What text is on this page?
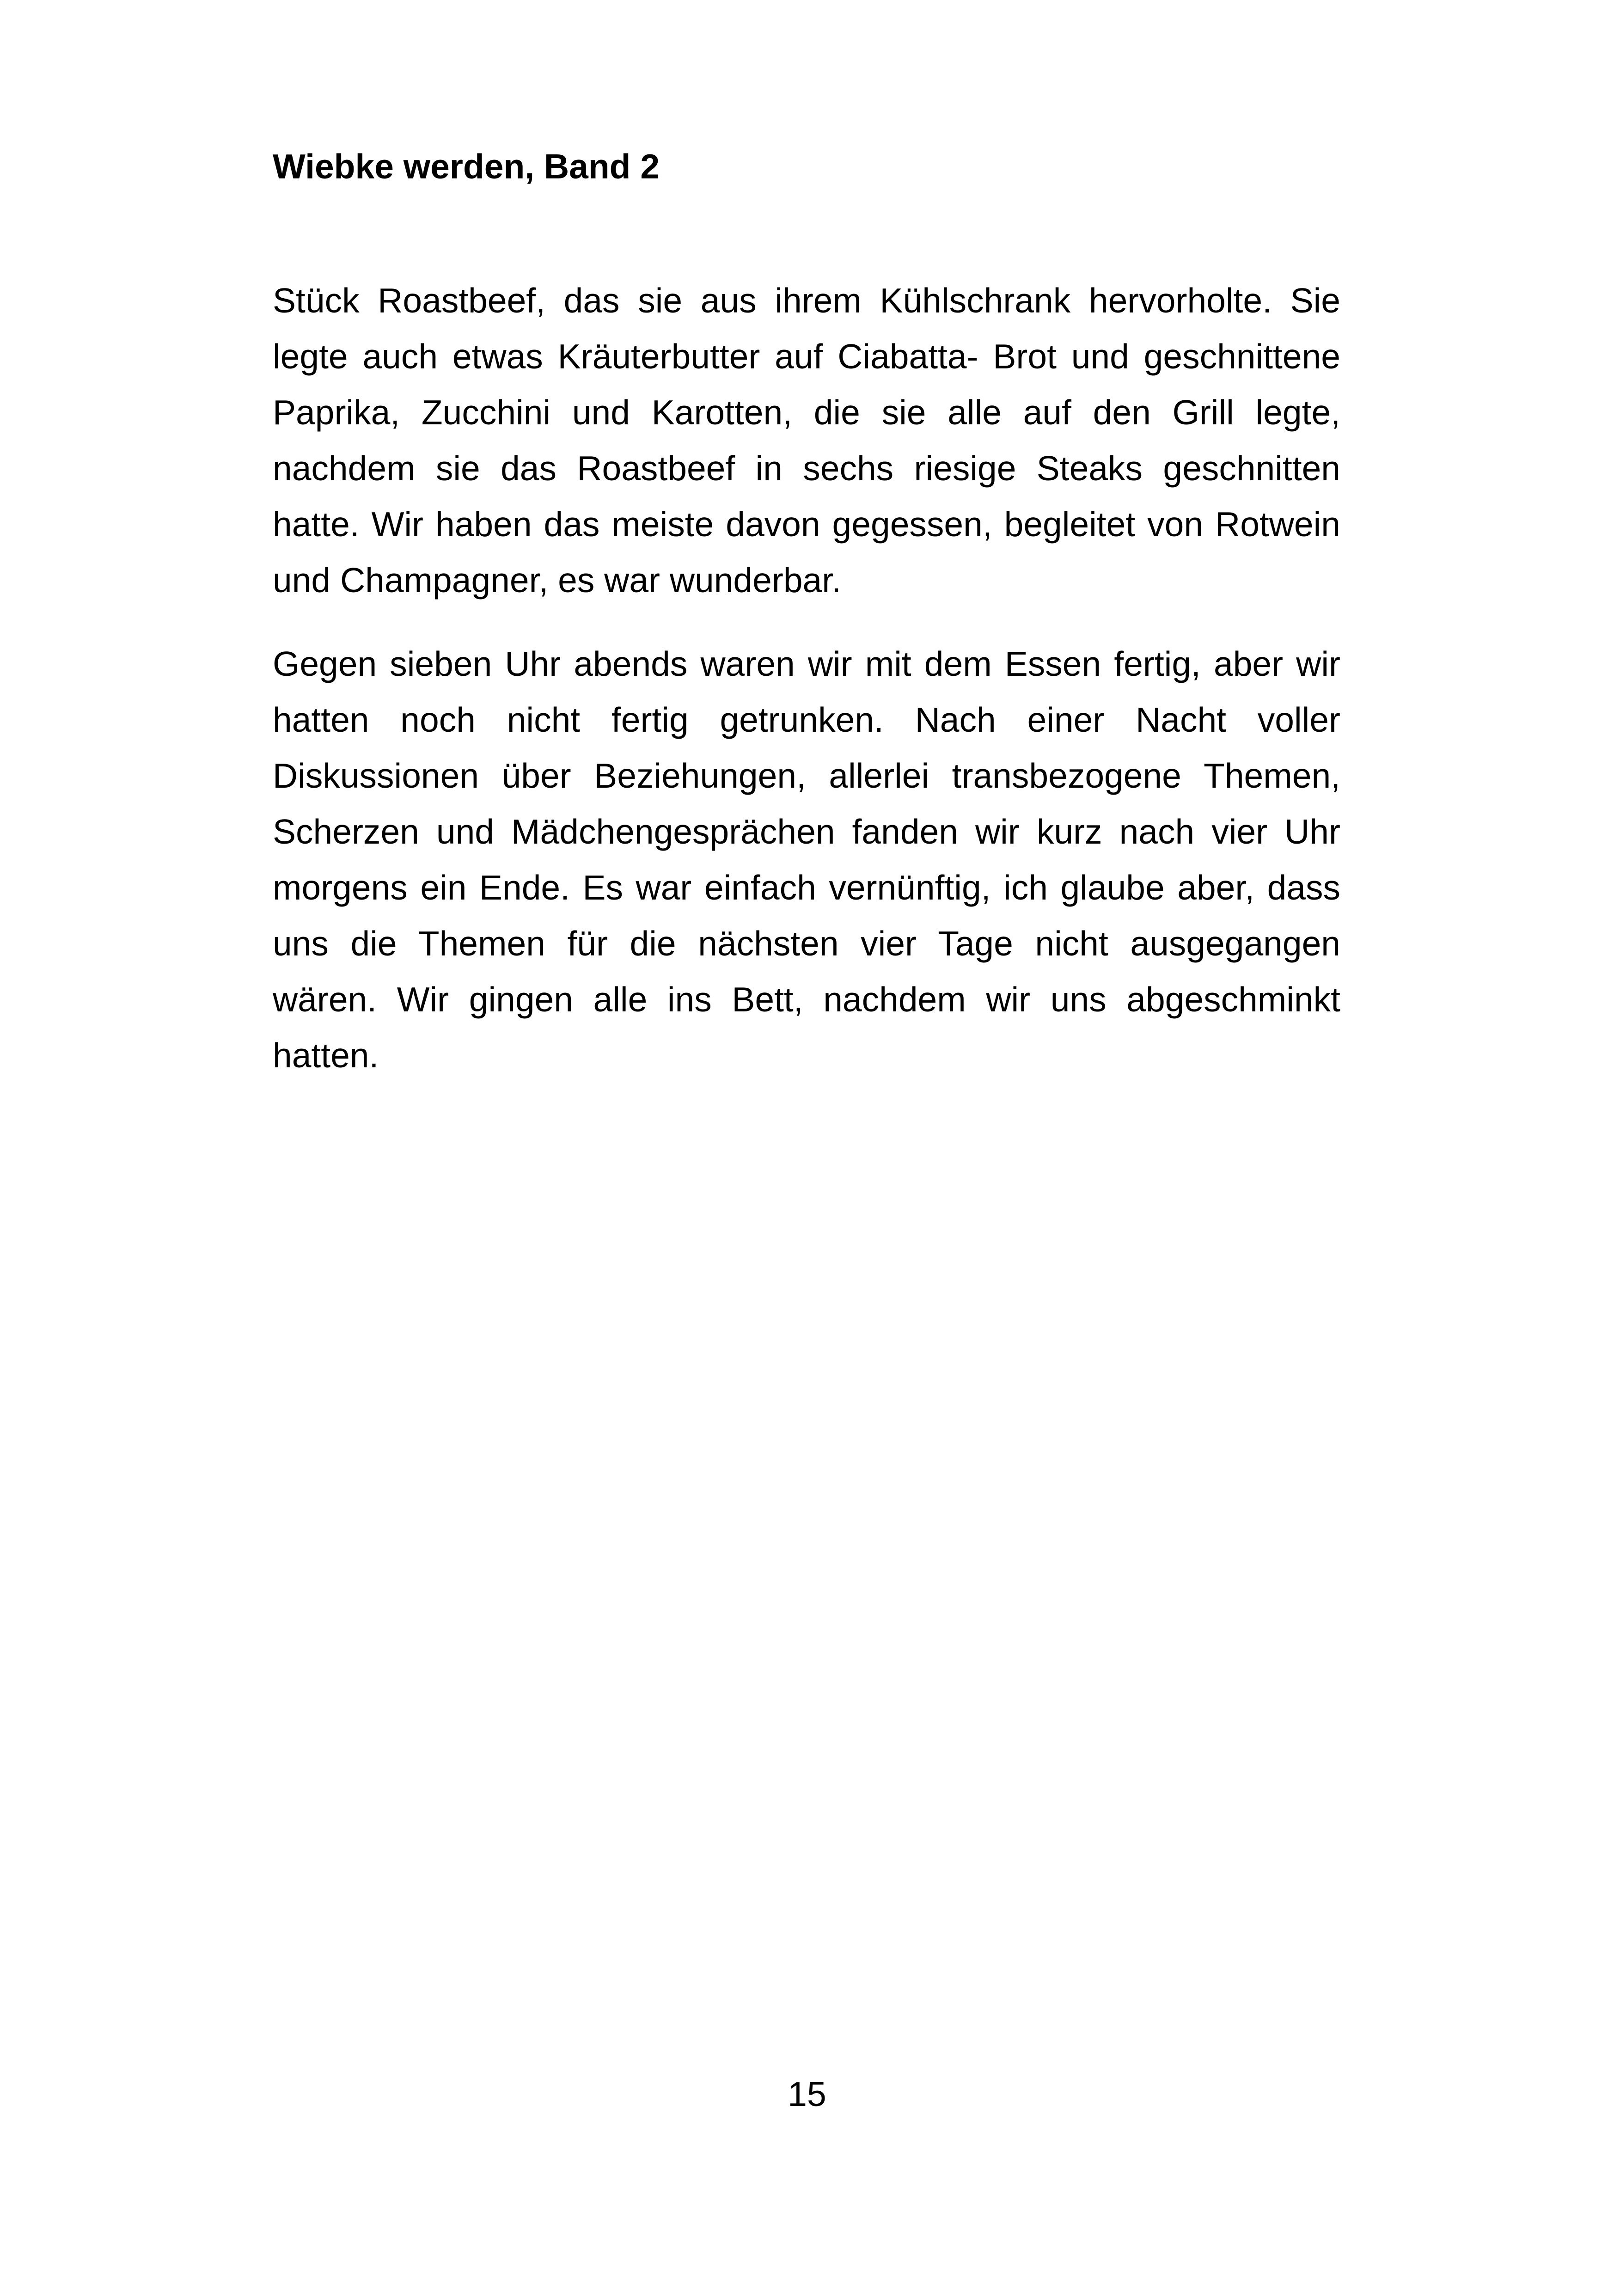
Wiebke werden, Band 2

Stück Roastbeef, das sie aus ihrem Kühlschrank hervorholte. Sie legte auch etwas Kräuterbutter auf Ciabatta- Brot und geschnittene Paprika, Zucchini und Karotten, die sie alle auf den Grill legte, nachdem sie das Roastbeef in sechs riesige Steaks geschnitten hatte. Wir haben das meiste davon gegessen, begleitet von Rotwein und Champagner, es war wunderbar.

Gegen sieben Uhr abends waren wir mit dem Essen fertig, aber wir hatten noch nicht fertig getrunken. Nach einer Nacht voller Diskussionen über Beziehungen, allerlei transbezogene Themen, Scherzen und Mädchengesprächen fanden wir kurz nach vier Uhr morgens ein Ende. Es war einfach vernünftig, ich glaube aber, dass uns die Themen für die nächsten vier Tage nicht ausgegangen wären. Wir gingen alle ins Bett, nachdem wir uns abgeschminkt hatten.

15
